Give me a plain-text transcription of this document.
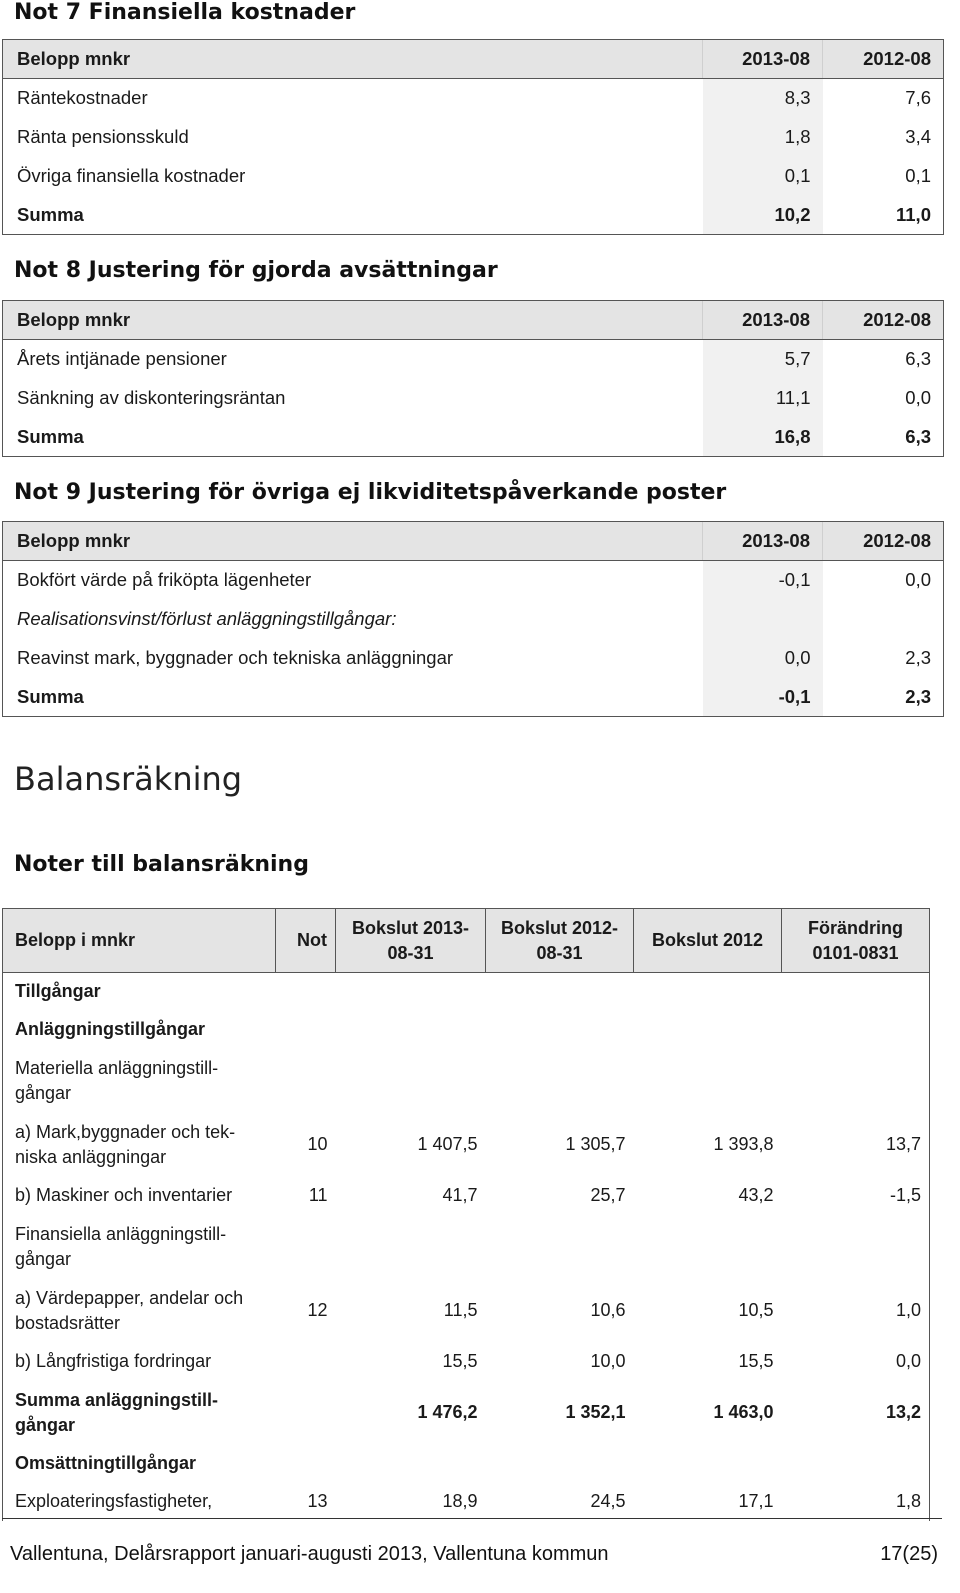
Not 7 Finansiella kostnader
Belopp mnkr	2013-08	2012-08
Räntekostnader	8,3	7,6
Ränta pensionsskuld	1,8	3,4
Övriga finansiella kostnader	0,1	0,1
Summa	10,2	11,0
Not 8 Justering för gjorda avsättningar
Belopp mnkr	2013-08	2012-08
Årets intjänade pensioner	5,7	6,3
Sänkning av diskonteringsräntan	11,1	0,0
Summa	16,8	6,3
Not 9 Justering för övriga ej likviditetspåverkande poster
Belopp mnkr	2013-08	2012-08
Bokfört värde på friköpta lägenheter	-0,1	0,0
Realisationsvinst/förlust anläggningstillgångar:		
Reavinst mark, byggnader och tekniska anläggningar	0,0	2,3
Summa	-0,1	2,3
Balansräkning
Noter till balansräkning
Belopp i mnkr	Not	Bokslut 2013-08-31	Bokslut 2012-08-31	Bokslut 2012	Förändring 0101-0831
Tillgångar					
Anläggningstillgångar					
Materiella anläggningstill-gångar					
a) Mark,byggnader och tek-niska anläggningar	10	1 407,5	1 305,7	1 393,8	13,7
b) Maskiner och inventarier	11	41,7	25,7	43,2	-1,5
Finansiella anläggningstill-gångar					
a) Värdepapper, andelar och bostadsrätter	12	11,5	10,6	10,5	1,0
b) Långfristiga fordringar		15,5	10,0	15,5	0,0
Summa anläggningstill-gångar		1 476,2	1 352,1	1 463,0	13,2
Omsättningtillgångar					
Exploateringsfastigheter,	13	18,9	24,5	17,1	1,8
Vallentuna, Delårsrapport januari-augusti 2013, Vallentuna kommun	17(25)
